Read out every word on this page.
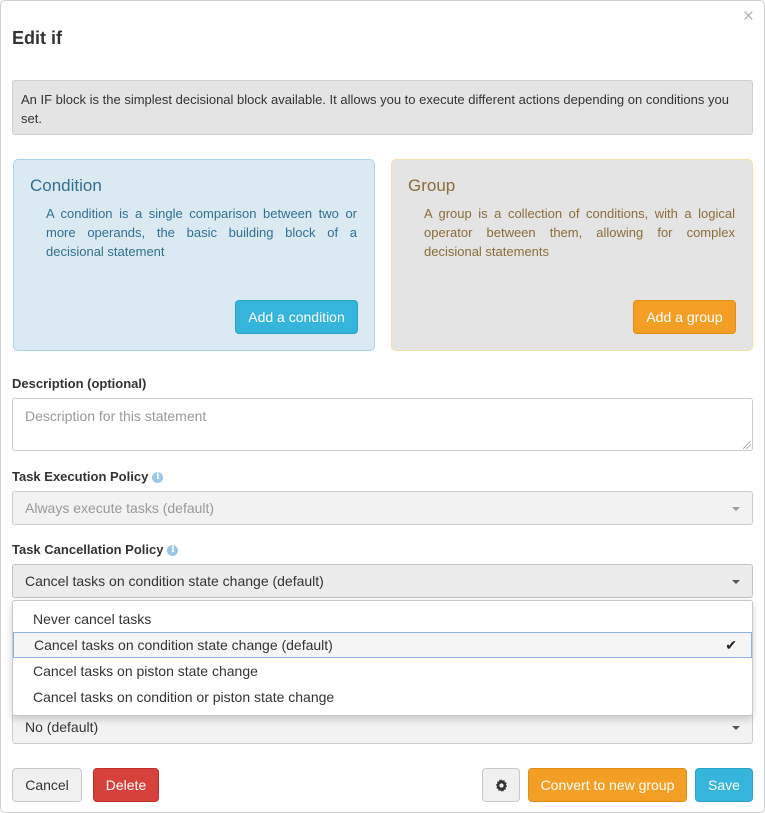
×
Edit if
An IF block is the simplest decisional block available. It allows you to execute different actions depending on conditions you set.
Condition
A condition is a single comparison between two or more operands, the basic building block of a decisional statement
Add a condition
Group
A group is a collection of conditions, with a logical operator between them, allowing for complex decisional statements
Add a group
Description (optional)
Description for this statement
Task Execution Policy i
Always execute tasks (default)
Task Cancellation Policy i
Cancel tasks on condition state change (default)
No (default)
Never cancel tasks
Cancel tasks on condition state change (default)	✔
Cancel tasks on piston state change
Cancel tasks on condition or piston state change
Cancel	Delete	Convert to new group	Save
